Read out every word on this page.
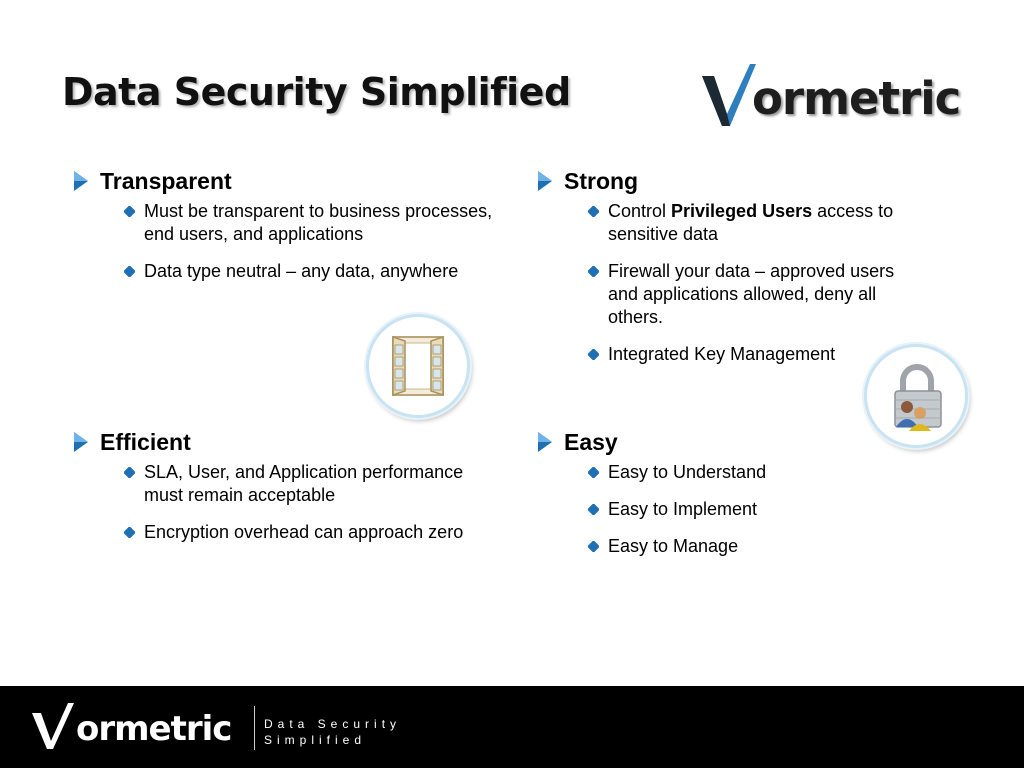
Data Security Simplified	ormetric
Transparent
Must be transparent to business processes, end users, and applications
Data type neutral – any data, anywhere
Strong
Control Privileged Users access to sensitive data
Firewall your data – approved users and applications allowed, deny all others.
Integrated Key Management
Efficient
SLA, User, and Application performance must remain acceptable
Encryption overhead can approach zero
Easy
Easy to Understand
Easy to Implement
Easy to Manage
ormetric	Data Security
Simplified
